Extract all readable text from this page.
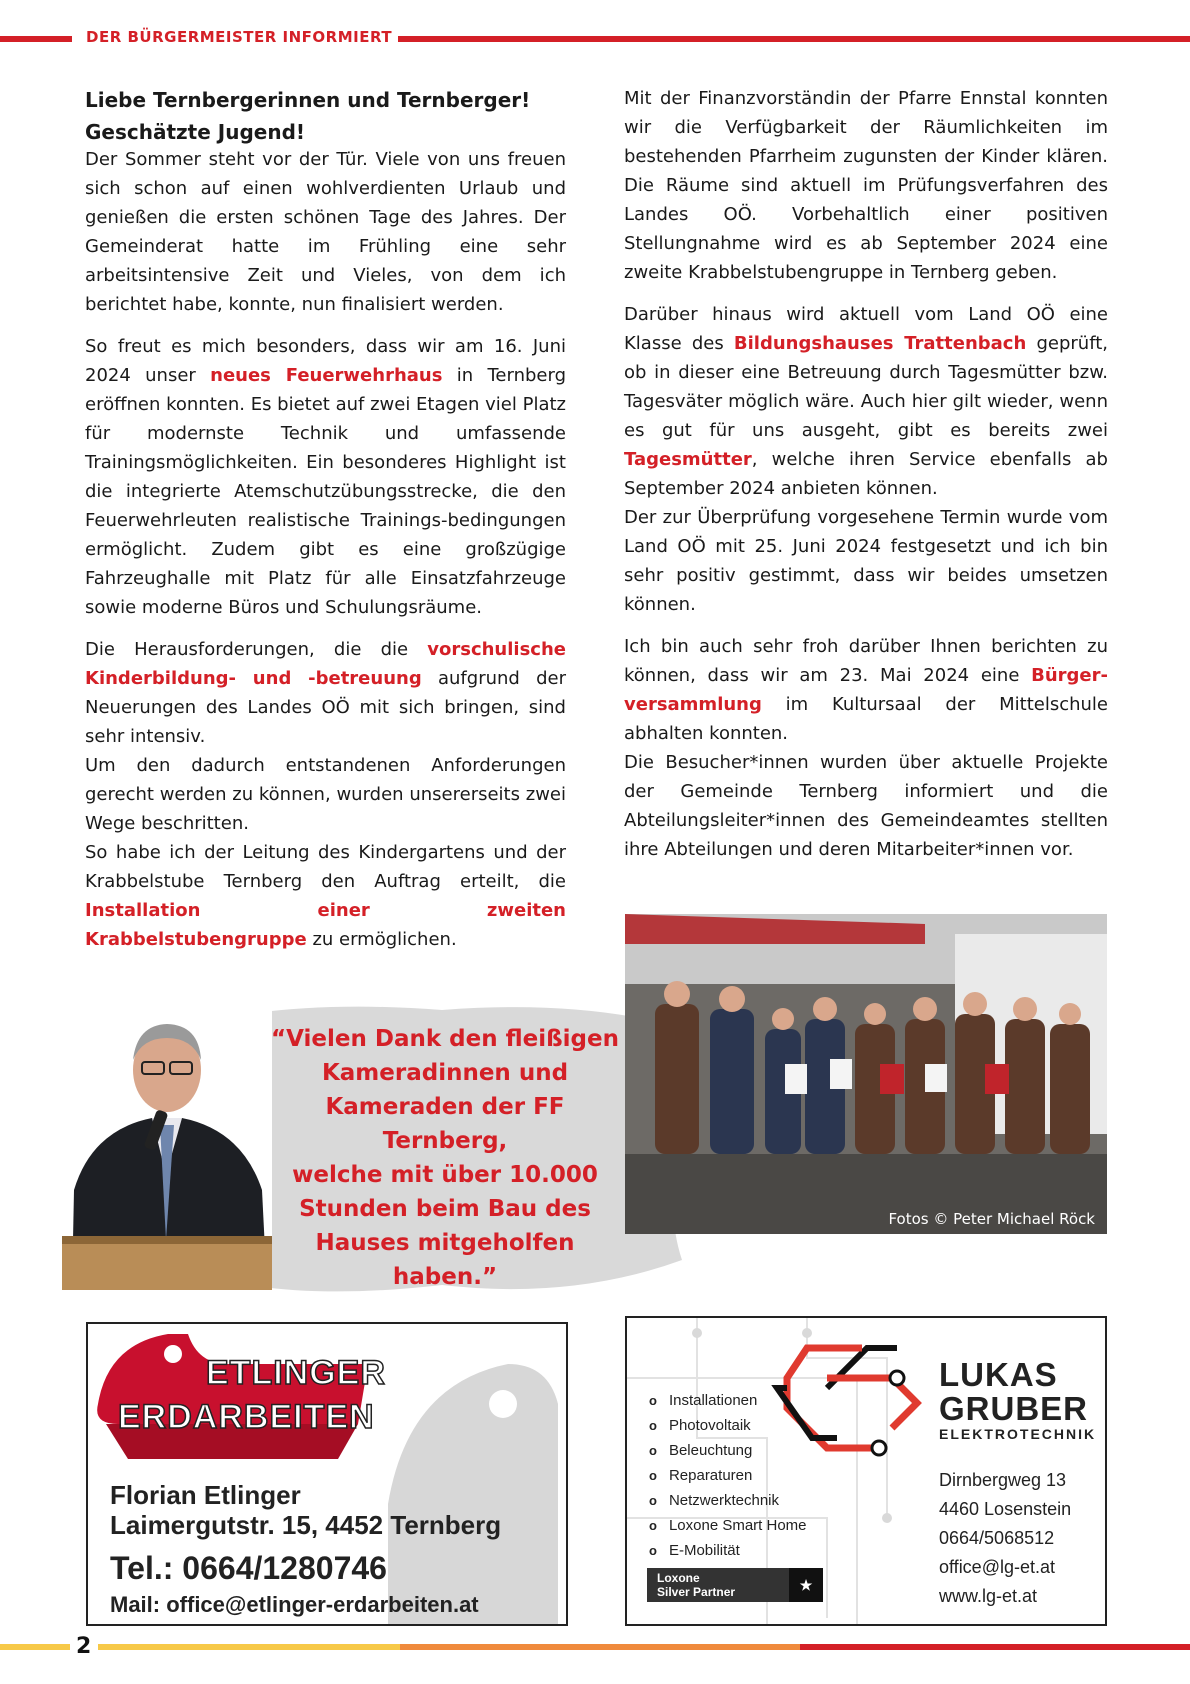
DER BÜRGERMEISTER INFORMIERT
Liebe Ternbergerinnen und Ternberger!
Geschätzte Jugend!

Der Sommer steht vor der Tür. Viele von uns freuen sich schon auf einen wohlverdienten Urlaub und genießen die ersten schönen Tage des Jahres. Der Gemeinderat hatte im Frühling eine sehr arbeitsintensive Zeit und Vieles, von dem ich berichtet habe, konnte, nun finalisiert werden.

So freut es mich besonders, dass wir am 16. Juni 2024 unser neues Feuerwehrhaus in Ternberg eröffnen konnten. Es bietet auf zwei Etagen viel Platz für modernste Technik und umfassende Trainingsmöglichkeiten. Ein besonderes Highlight ist die integrierte Atemschutzübungsstrecke, die den Feuerwehrleuten realistische Trainings-bedingungen ermöglicht. Zudem gibt es eine großzügige Fahrzeughalle mit Platz für alle Einsatzfahrzeuge sowie moderne Büros und Schulungsräume.

Die Herausforderungen, die die vorschulische Kinderbildung- und -betreuung aufgrund der Neuerungen des Landes OÖ mit sich bringen, sind sehr intensiv.

Um den dadurch entstandenen Anforderungen gerecht werden zu können, wurden unsererseits zwei Wege beschritten.

So habe ich der Leitung des Kindergartens und der Krabbelstube Ternberg den Auftrag erteilt, die Installation einer zweiten Krabbelstubengruppe zu ermöglichen.

Mit der Finanzvorständin der Pfarre Ennstal konnten wir die Verfügbarkeit der Räumlichkeiten im bestehenden Pfarrheim zugunsten der Kinder klären. Die Räume sind aktuell im Prüfungsverfahren des Landes OÖ. Vorbehaltlich einer positiven Stellungnahme wird es ab September 2024 eine zweite Krabbelstubengruppe in Ternberg geben.

Darüber hinaus wird aktuell vom Land OÖ eine Klasse des Bildungshauses Trattenbach geprüft, ob in dieser eine Betreuung durch Tagesmütter bzw. Tagesväter möglich wäre. Auch hier gilt wieder, wenn es gut für uns ausgeht, gibt es bereits zwei Tagesmütter, welche ihren Service ebenfalls ab September 2024 anbieten können.

Der zur Überprüfung vorgesehene Termin wurde vom Land OÖ mit 25. Juni 2024 festgesetzt und ich bin sehr positiv gestimmt, dass wir beides umsetzen können.

Ich bin auch sehr froh darüber Ihnen berichten zu können, dass wir am 23. Mai 2024 eine Bürger-versammlung im Kultursaal der Mittelschule abhalten konnten.

Die Besucher*innen wurden über aktuelle Projekte der Gemeinde Ternberg informiert und die Abteilungsleiter*innen des Gemeindeamtes stellten ihre Abteilungen und deren Mitarbeiter*innen vor.

“Vielen Dank den fleißigen
Kameradinnen und
Kameraden der FF Ternberg,
welche mit über 10.000
Stunden beim Bau des
Hauses mitgeholfen haben.”
Fotos © Peter Michael Röck
ETLINGER
ERDARBEITEN
Florian Etlinger
Laimergutstr. 15, 4452 Ternberg
Tel.: 0664/1280746
Mail: office@etlinger-erdarbeiten.at
o Installationen
o Photovoltaik
o Beleuchtung
o Reparaturen
o Netzwerktechnik
o Loxone Smart Home
o E-Mobilität
LUKAS
GRUBER
ELEKTROTECHNIK
Dirnbergweg 13
4460 Losenstein
0664/5068512
office@lg-et.at
www.lg-et.at
Loxone
Silver Partner	★
2
